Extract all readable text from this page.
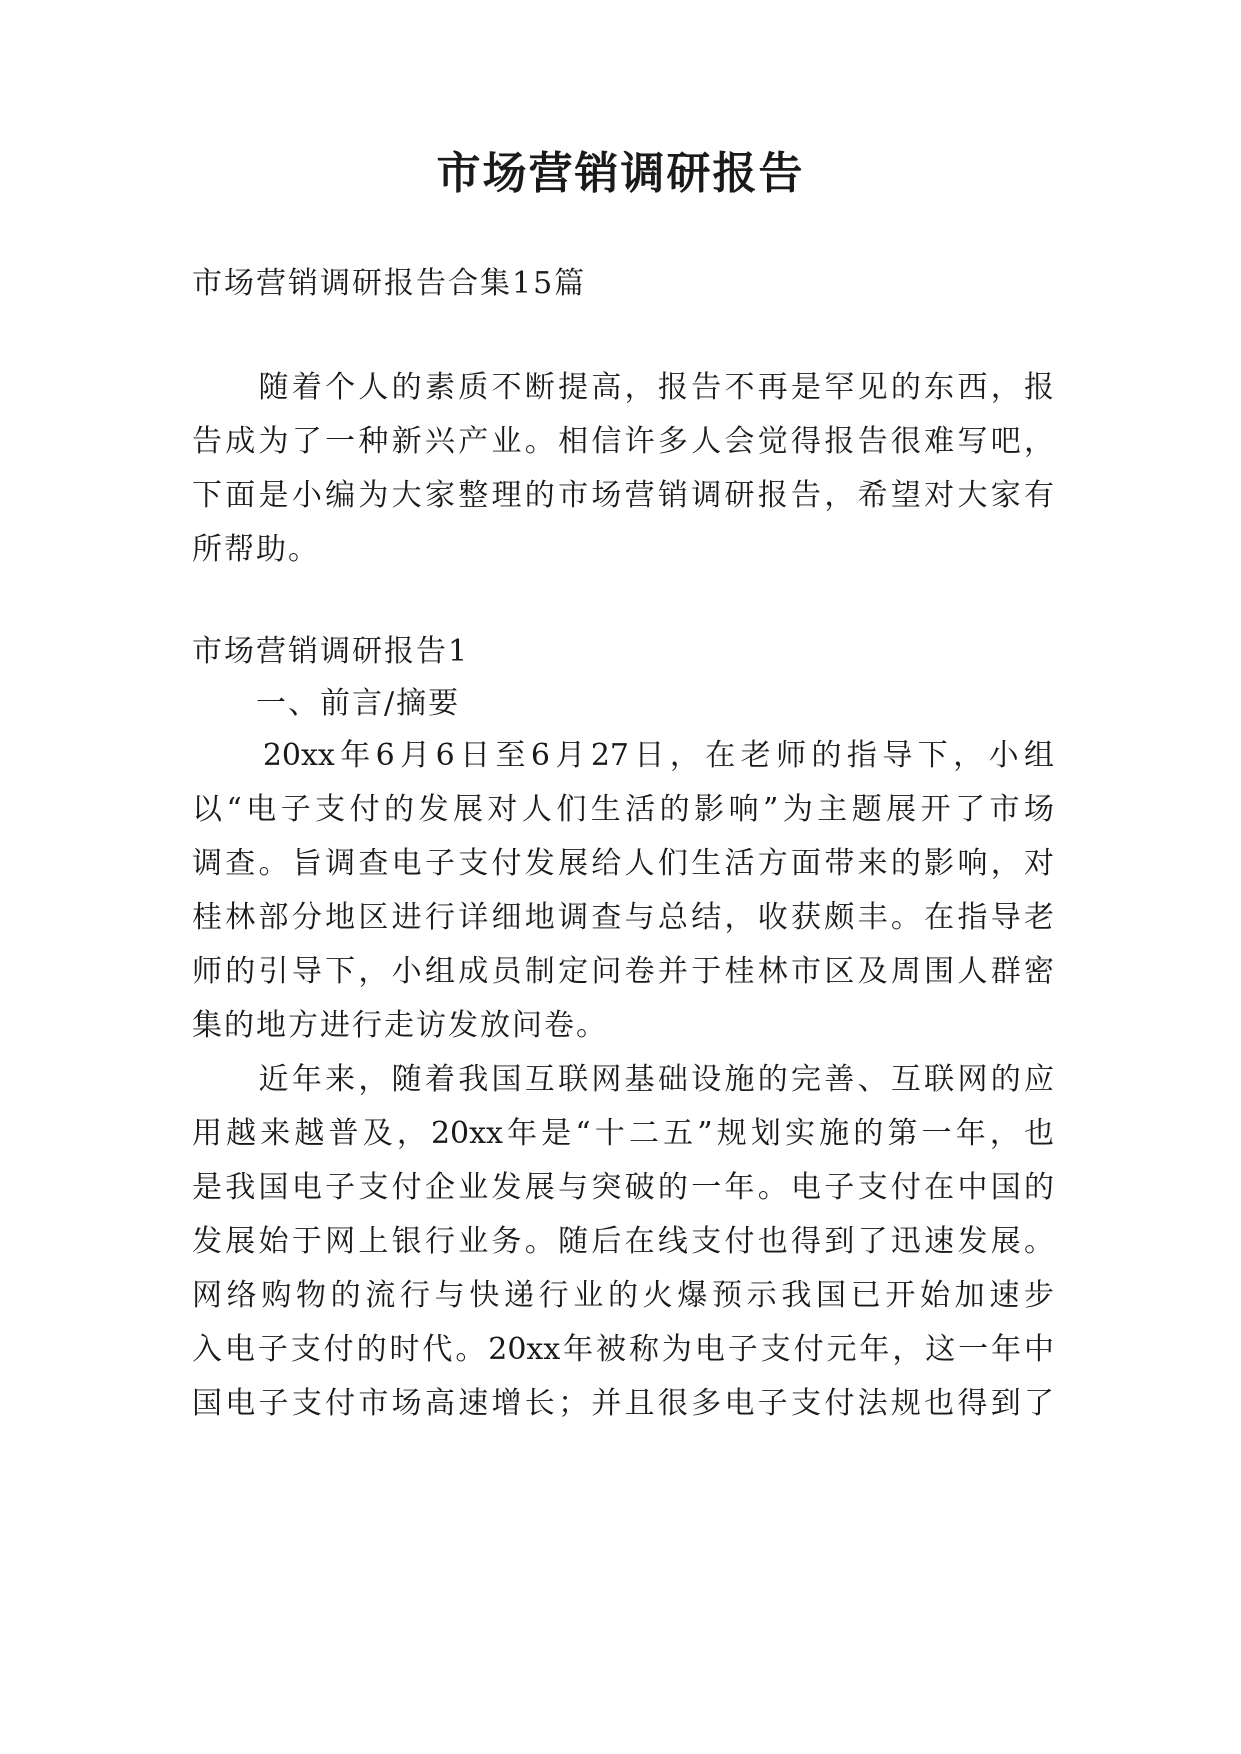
市场营销调研报告
市场营销调研报告合集15篇
　　随着个人的素质不断提高，报告不再是罕见的东西，报
告成为了一种新兴产业。相信许多人会觉得报告很难写吧，
下面是小编为大家整理的市场营销调研报告，希望对大家有
所帮助。
市场营销调研报告1
　　一、前言/摘要
　　20xx年6月6日至6月27日，在老师的指导下，小组
以“电子支付的发展对人们生活的影响”为主题展开了市场
调查。旨调查电子支付发展给人们生活方面带来的影响，对
桂林部分地区进行详细地调查与总结，收获颇丰。在指导老
师的引导下，小组成员制定问卷并于桂林市区及周围人群密
集的地方进行走访发放问卷。
　　近年来，随着我国互联网基础设施的完善、互联网的应
用越来越普及，20xx年是“十二五”规划实施的第一年，也
是我国电子支付企业发展与突破的一年。电子支付在中国的
发展始于网上银行业务。随后在线支付也得到了迅速发展。
网络购物的流行与快递行业的火爆预示我国已开始加速步
入电子支付的时代。20xx年被称为电子支付元年，这一年中
国电子支付市场高速增长；并且很多电子支付法规也得到了
